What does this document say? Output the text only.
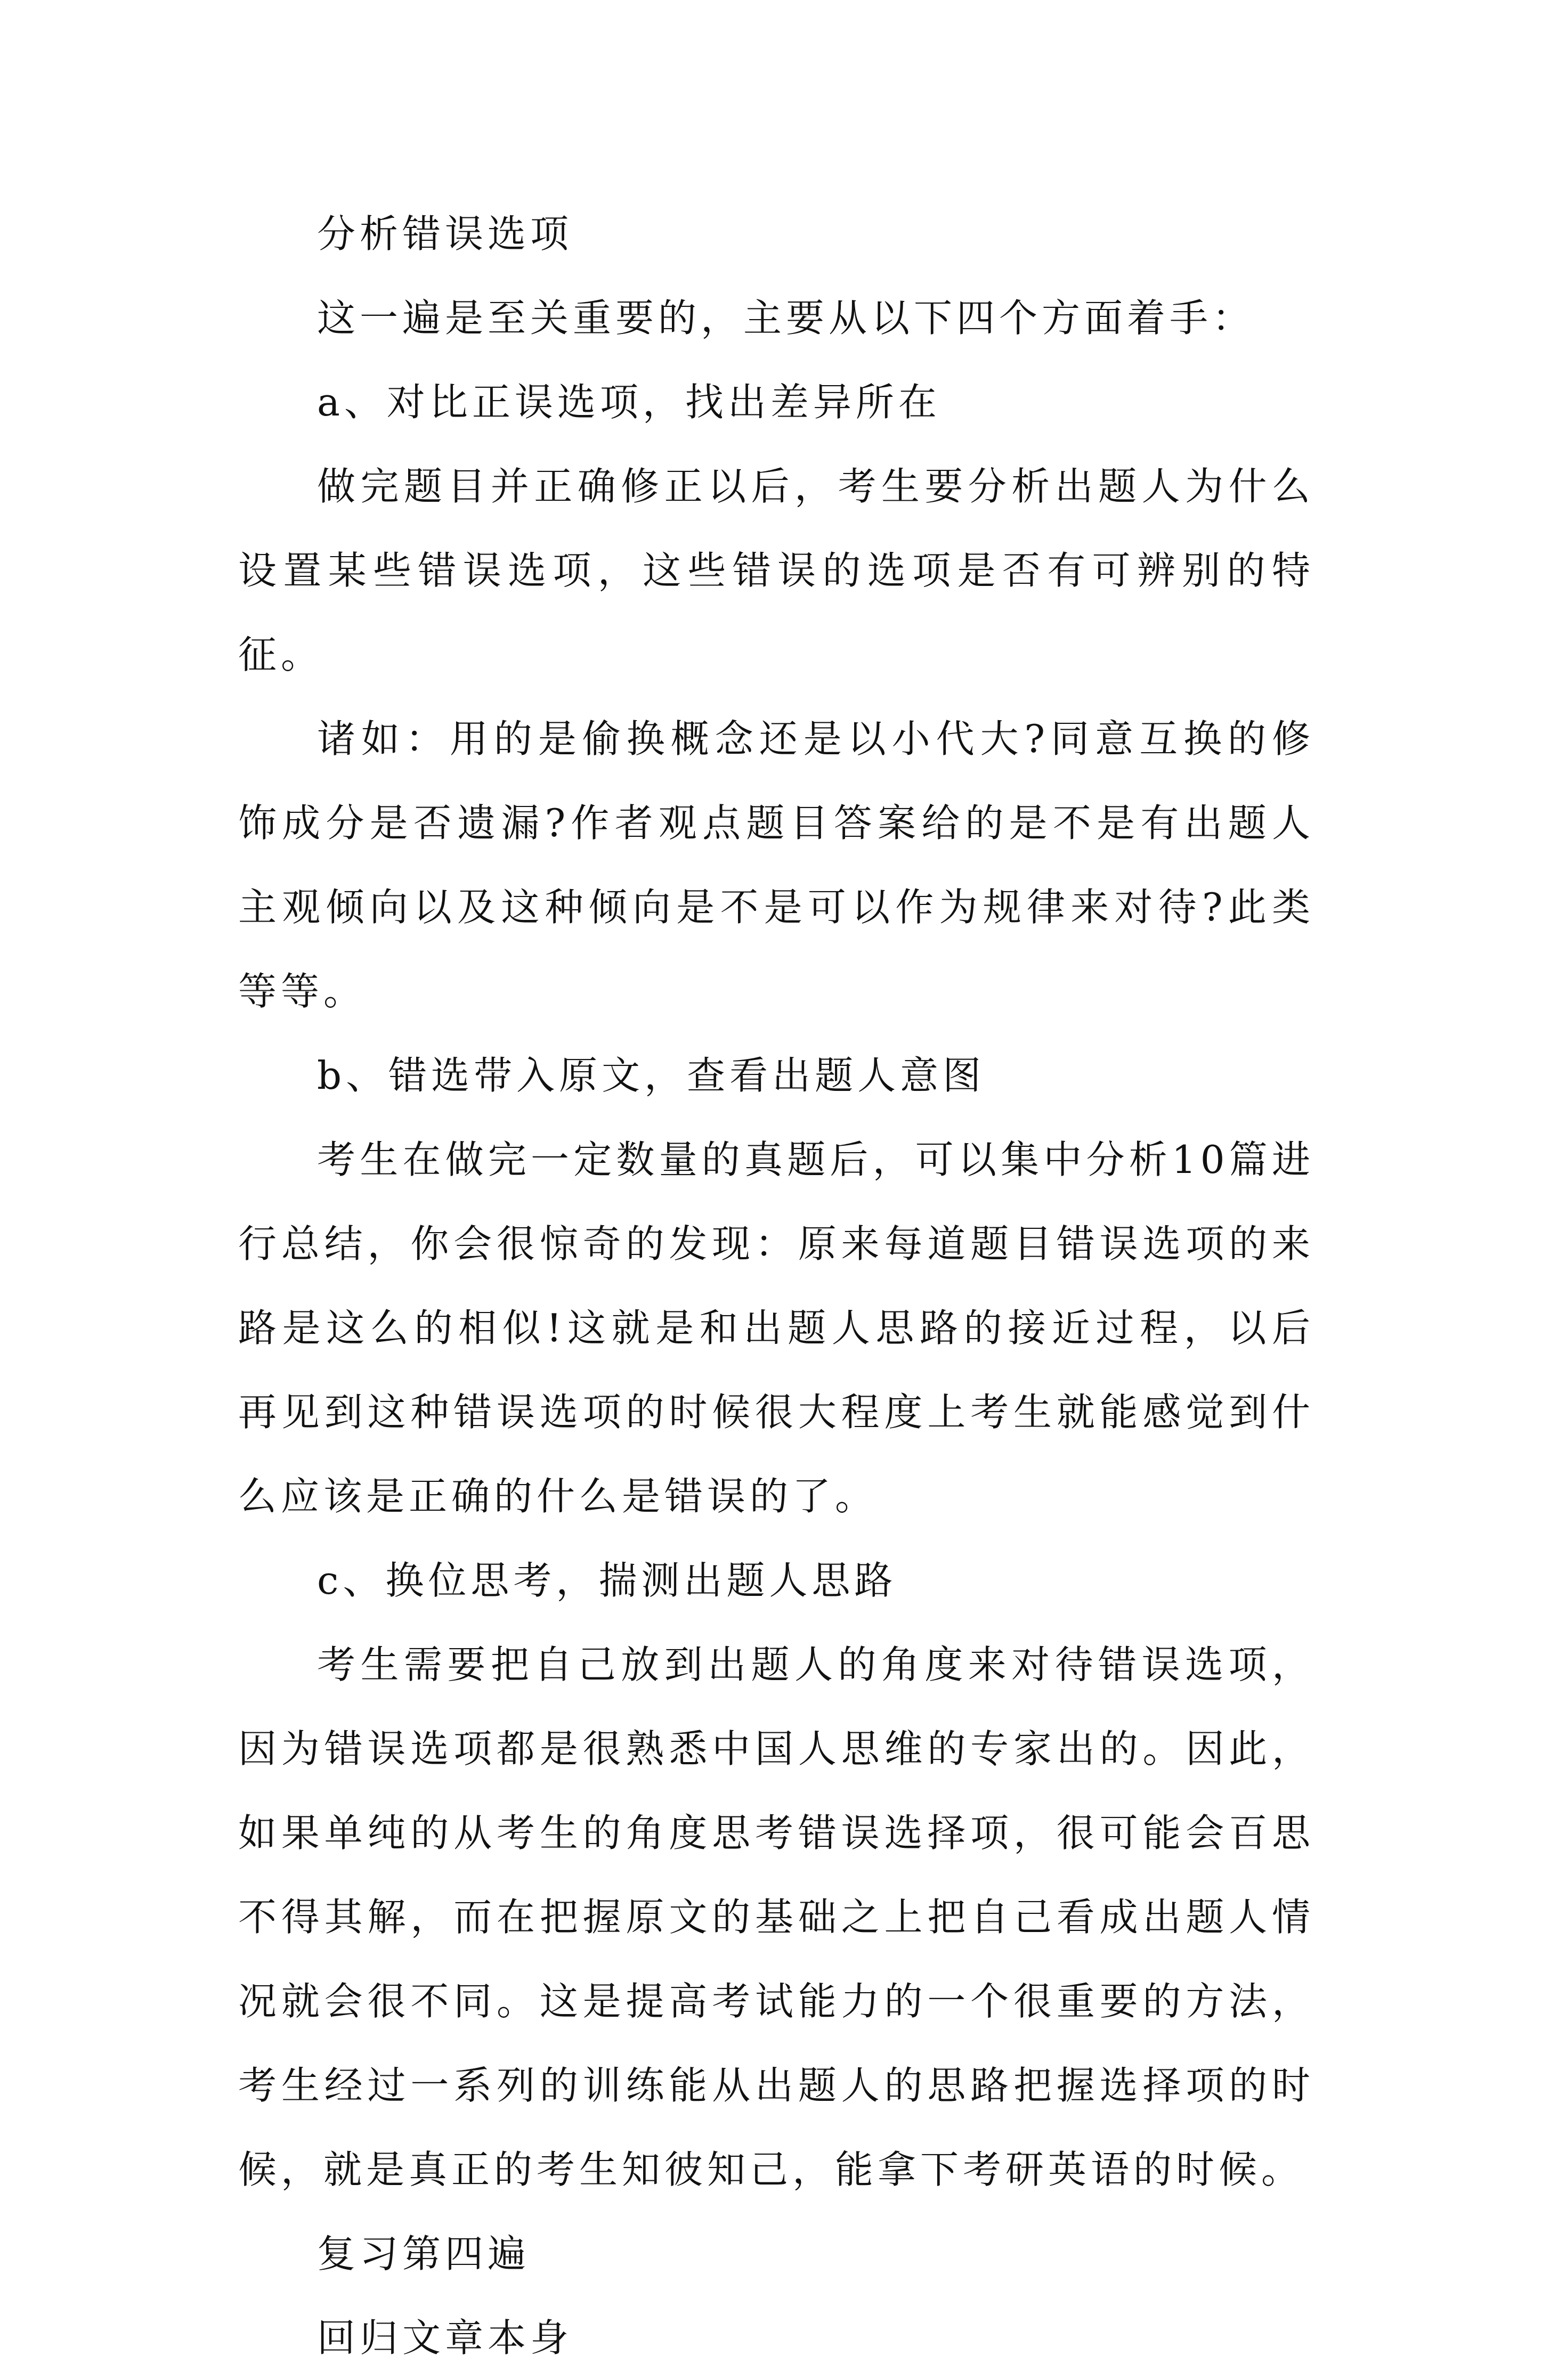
分析错误选项

这一遍是至关重要的，主要从以下四个方面着手：

a、对比正误选项，找出差异所在

做完题目并正确修正以后，考生要分析出题人为什么设置某些错误选项，这些错误的选项是否有可辨别的特征。

诸如：用的是偷换概念还是以小代大?同意互换的修饰成分是否遗漏?作者观点题目答案给的是不是有出题人主观倾向以及这种倾向是不是可以作为规律来对待?此类等等。

b、错选带入原文，查看出题人意图

考生在做完一定数量的真题后，可以集中分析10篇进行总结，你会很惊奇的发现：原来每道题目错误选项的来路是这么的相似!这就是和出题人思路的接近过程，以后再见到这种错误选项的时候很大程度上考生就能感觉到什么应该是正确的什么是错误的了。

c、换位思考，揣测出题人思路

考生需要把自己放到出题人的角度来对待错误选项，因为错误选项都是很熟悉中国人思维的专家出的。因此，如果单纯的从考生的角度思考错误选择项，很可能会百思不得其解，而在把握原文的基础之上把自己看成出题人情况就会很不同。这是提高考试能力的一个很重要的方法，考生经过一系列的训练能从出题人的思路把握选择项的时候，就是真正的考生知彼知己，能拿下考研英语的时候。

复习第四遍

回归文章本身
